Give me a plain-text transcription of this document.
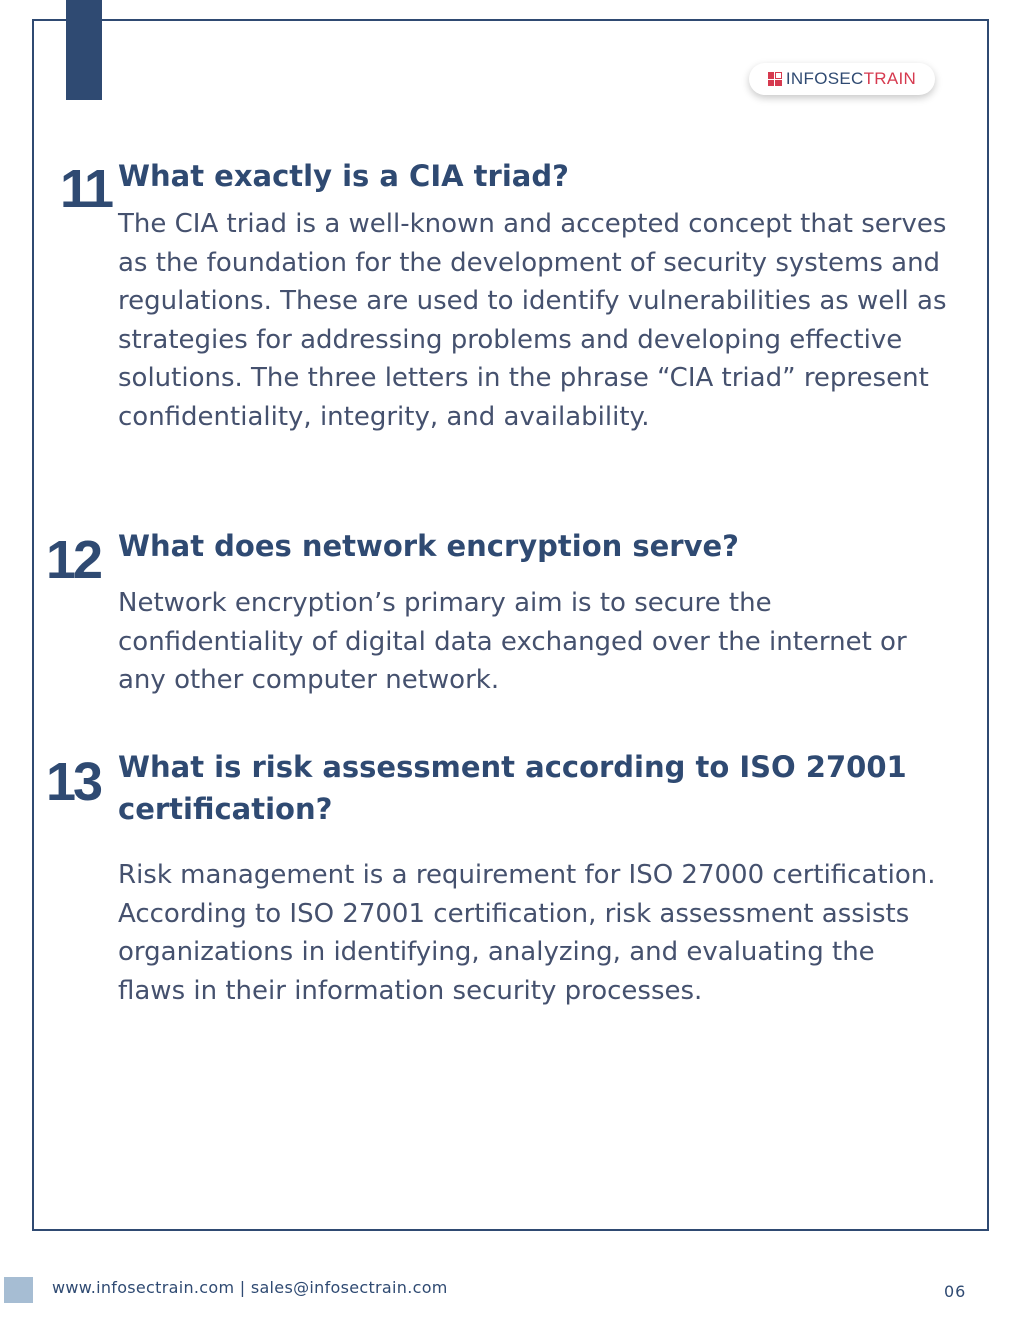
INFOSEC TRAIN
11 What exactly is a CIA triad?

The CIA triad is a well-known and accepted concept that serves as the foundation for the development of security systems and regulations. These are used to identify vulnerabilities as well as strategies for addressing problems and developing effective solutions. The three letters in the phrase “CIA triad” represent confidentiality, integrity, and availability.

12 What does network encryption serve?

Network encryption’s primary aim is to secure the confidentiality of digital data exchanged over the internet or any other computer network.

13 What is risk assessment according to ISO 27001 certification?

Risk management is a requirement for ISO 27000 certification. According to ISO 27001 certification, risk assessment assists organizations in identifying, analyzing, and evaluating the flaws in their information security processes.

www.infosectrain.com | sales@infosectrain.com	06
